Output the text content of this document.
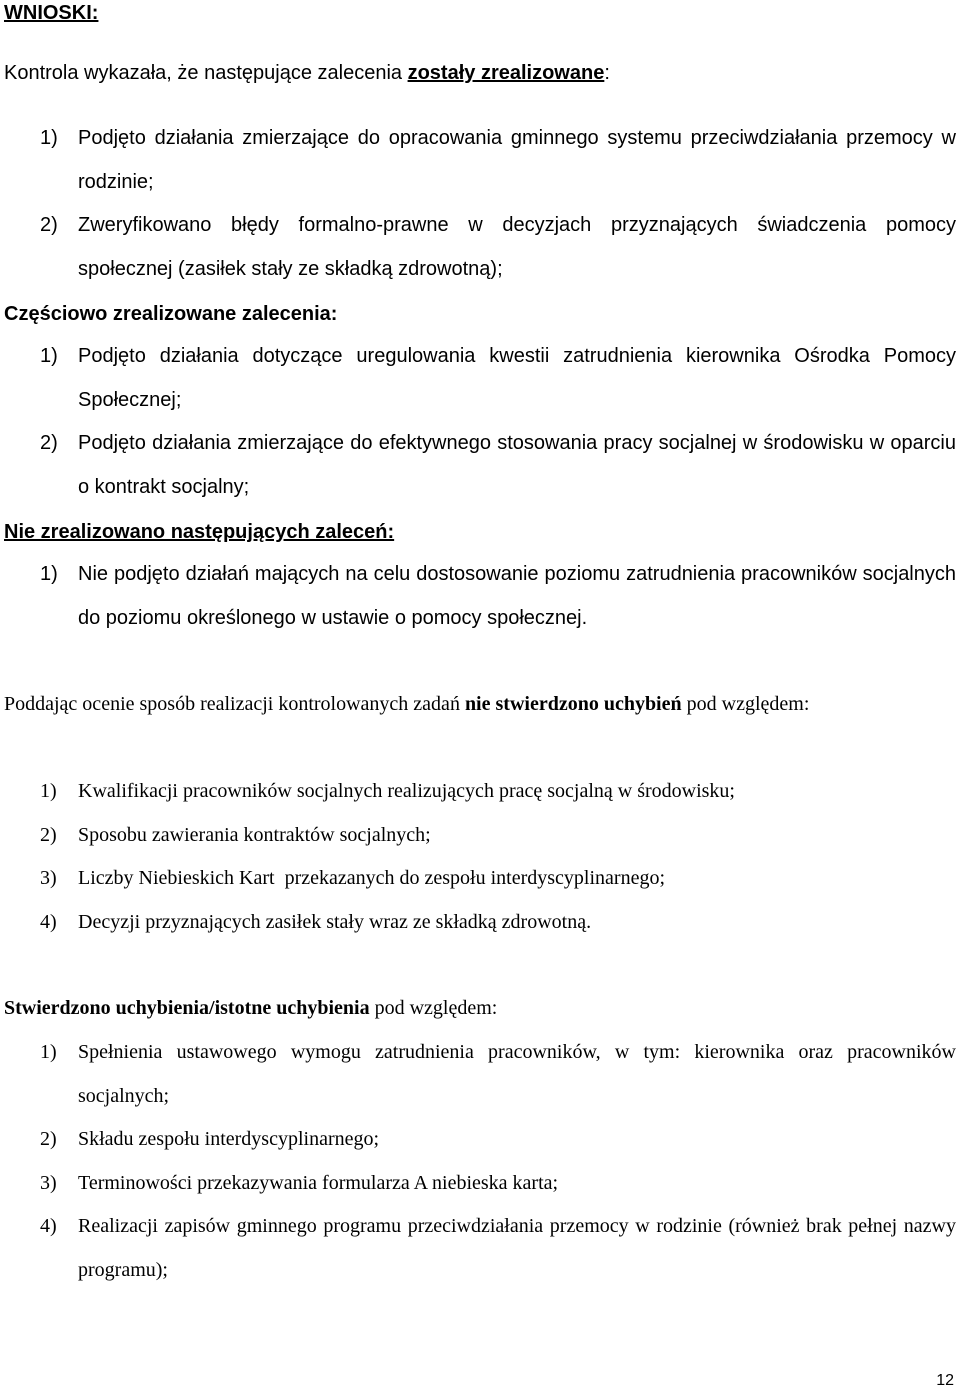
WNIOSKI:

Kontrola wykazała, że następujące zalecenia zostały zrealizowane:

1) Podjęto działania zmierzające do opracowania gminnego systemu przeciwdziałania przemocy w rodzinie;
2) Zweryfikowano błędy formalno-prawne w decyzjach przyznających świadczenia pomocy społecznej (zasiłek stały ze składką zdrowotną);

Częściowo zrealizowane zalecenia:

1) Podjęto działania dotyczące uregulowania kwestii zatrudnienia kierownika Ośrodka Pomocy Społecznej;
2) Podjęto działania zmierzające do efektywnego stosowania pracy socjalnej w środowisku w oparciu o kontrakt socjalny;

Nie zrealizowano następujących zaleceń:

1) Nie podjęto działań mających na celu dostosowanie poziomu zatrudnienia pracowników socjalnych do poziomu określonego w ustawie o pomocy społecznej.

Poddając ocenie sposób realizacji kontrolowanych zadań nie stwierdzono uchybień pod względem:

1) Kwalifikacji pracowników socjalnych realizujących pracę socjalną w środowisku;
2) Sposobu zawierania kontraktów socjalnych;
3) Liczby Niebieskich Kart  przekazanych do zespołu interdyscyplinarnego;
4) Decyzji przyznających zasiłek stały wraz ze składką zdrowotną.

Stwierdzono uchybienia/istotne uchybienia pod względem:

1) Spełnienia ustawowego wymogu zatrudnienia pracowników, w tym: kierownika oraz pracowników socjalnych;
2) Składu zespołu interdyscyplinarnego;
3) Terminowości przekazywania formularza A niebieska karta;
4) Realizacji zapisów gminnego programu przeciwdziałania przemocy w rodzinie (również brak pełnej nazwy programu);
12
